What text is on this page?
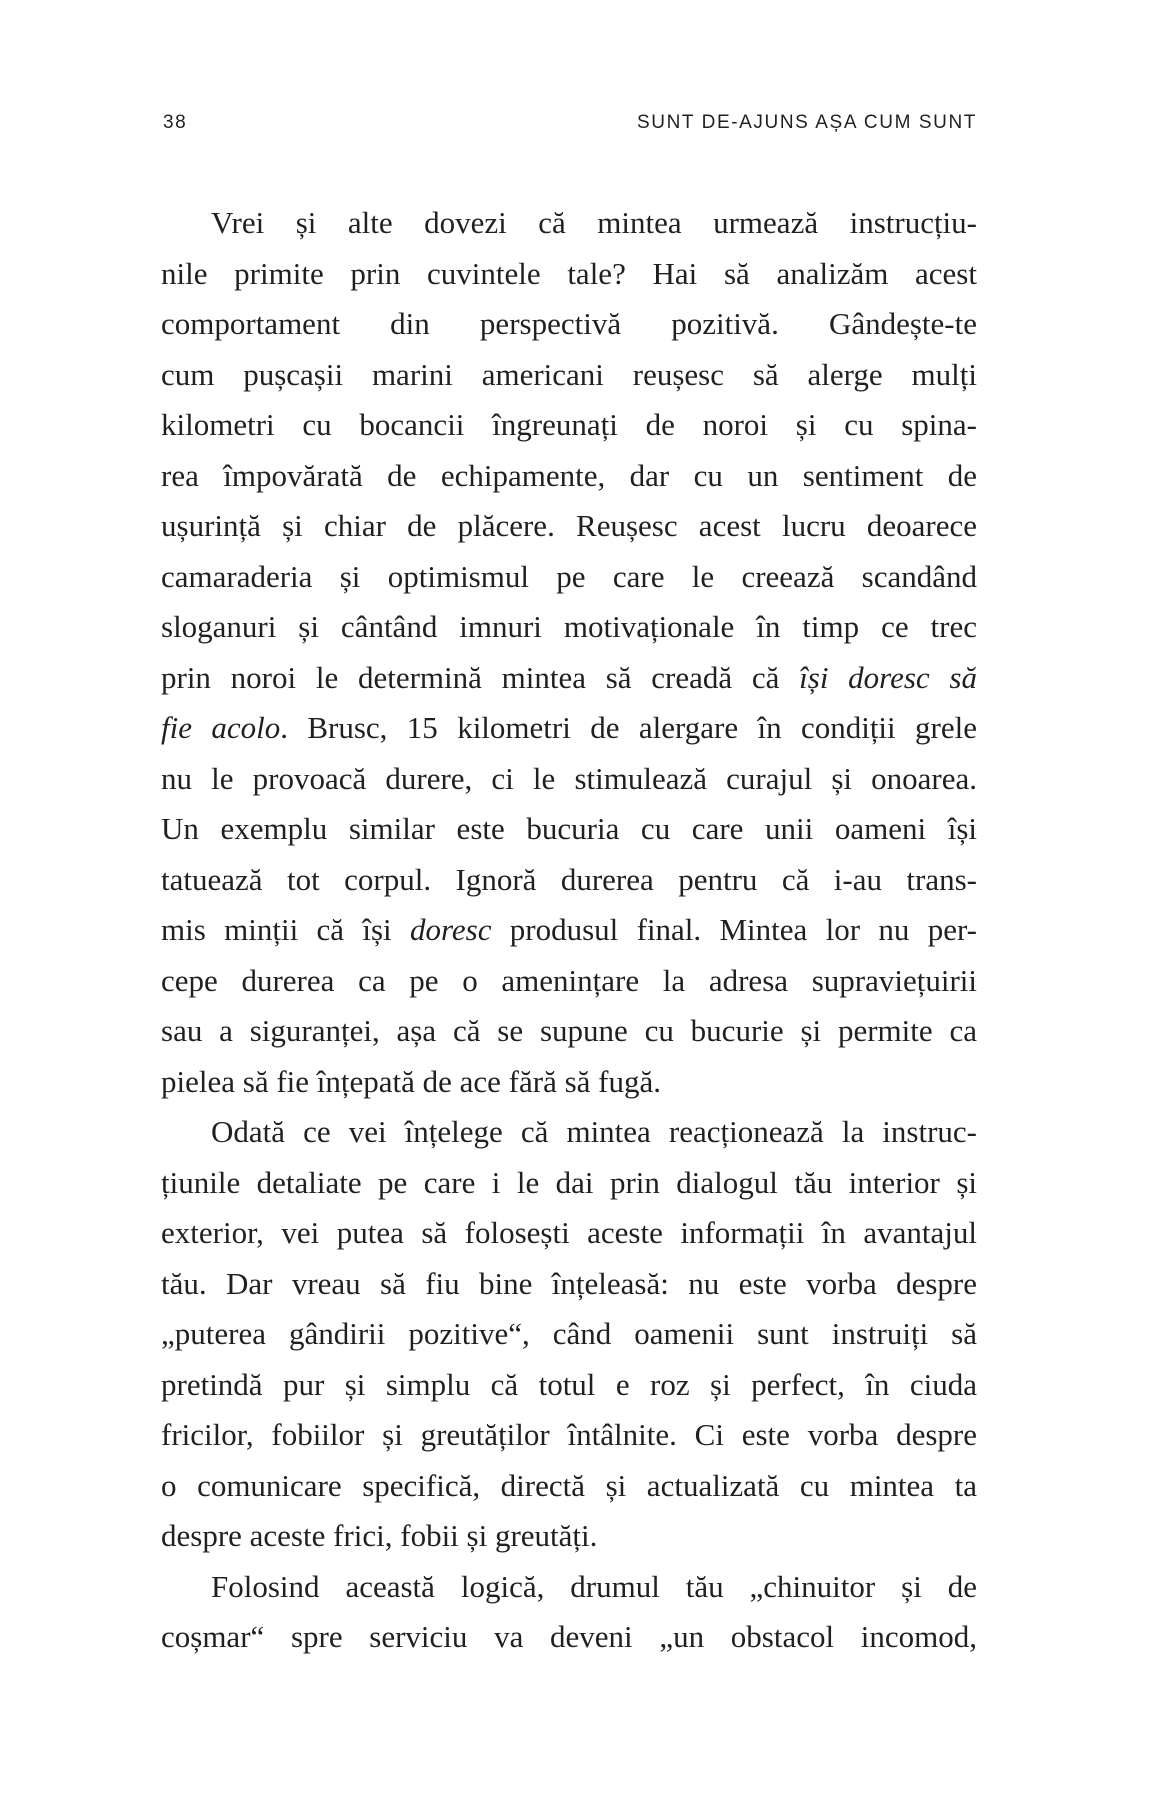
38	SUNT DE-AJUNS AȘA CUM SUNT
Vrei și alte dovezi că mintea urmează instrucțiu-
nile primite prin cuvintele tale? Hai să analizăm acest
comportament din perspectivă pozitivă. Gândește-te
cum pușcașii marini americani reușesc să alerge mulți
kilometri cu bocancii îngreunați de noroi și cu spina-
rea împovărată de echipamente, dar cu un sentiment de
ușurință și chiar de plăcere. Reușesc acest lucru deoarece
camaraderia și optimismul pe care le creează scandând
sloganuri și cântând imnuri motivaționale în timp ce trec
prin noroi le determină mintea să creadă că își doresc să
fie acolo. Brusc, 15 kilometri de alergare în condiții grele
nu le provoacă durere, ci le stimulează curajul și onoarea.
Un exemplu similar este bucuria cu care unii oameni își
tatuează tot corpul. Ignoră durerea pentru că i-au trans-
mis minții că își doresc produsul final. Mintea lor nu per-
cepe durerea ca pe o amenințare la adresa supraviețuirii
sau a siguranței, așa că se supune cu bucurie și permite ca
pielea să fie înțepată de ace fără să fugă.
Odată ce vei înțelege că mintea reacționează la instruc-
țiunile detaliate pe care i le dai prin dialogul tău interior și
exterior, vei putea să folosești aceste informații în avantajul
tău. Dar vreau să fiu bine înțeleasă: nu este vorba despre
„puterea gândirii pozitive“, când oamenii sunt instruiți să
pretindă pur și simplu că totul e roz și perfect, în ciuda
fricilor, fobiilor și greutăților întâlnite. Ci este vorba despre
o comunicare specifică, directă și actualizată cu mintea ta
despre aceste frici, fobii și greutăți.
Folosind această logică, drumul tău „chinuitor și de
coșmar“ spre serviciu va deveni „un obstacol incomod,
